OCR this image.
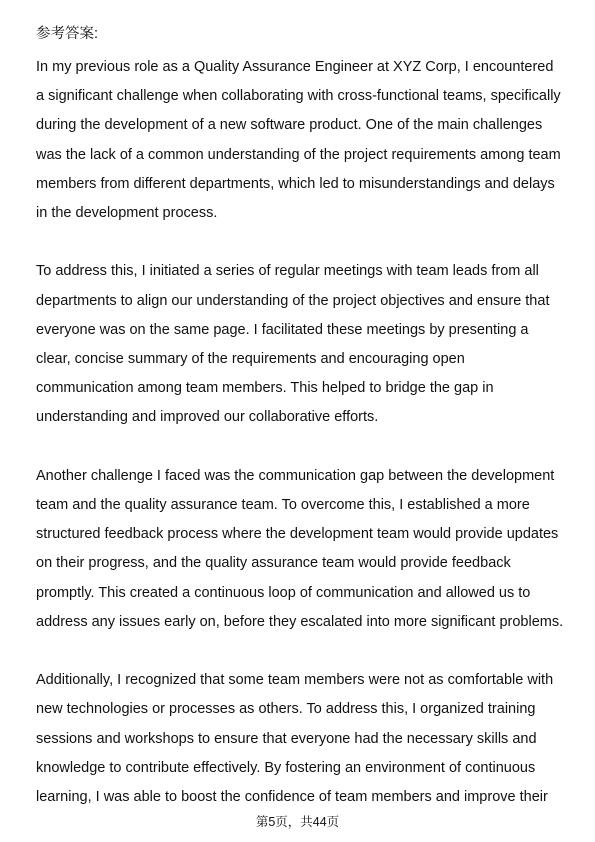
参考答案:

In my previous role as a Quality Assurance Engineer at XYZ Corp, I encountered
a significant challenge when collaborating with cross-functional teams, specifically
during the development of a new software product. One of the main challenges
was the lack of a common understanding of the project requirements among team
members from different departments, which led to misunderstandings and delays
in the development process.
To address this, I initiated a series of regular meetings with team leads from all
departments to align our understanding of the project objectives and ensure that
everyone was on the same page. I facilitated these meetings by presenting a
clear, concise summary of the requirements and encouraging open
communication among team members. This helped to bridge the gap in
understanding and improved our collaborative efforts.
Another challenge I faced was the communication gap between the development
team and the quality assurance team. To overcome this, I established a more
structured feedback process where the development team would provide updates
on their progress, and the quality assurance team would provide feedback
promptly. This created a continuous loop of communication and allowed us to
address any issues early on, before they escalated into more significant problems.
Additionally, I recognized that some team members were not as comfortable with
new technologies or processes as others. To address this, I organized training
sessions and workshops to ensure that everyone had the necessary skills and
knowledge to contribute effectively. By fostering an environment of continuous
learning, I was able to boost the confidence of team members and improve their
第5页，共44页
